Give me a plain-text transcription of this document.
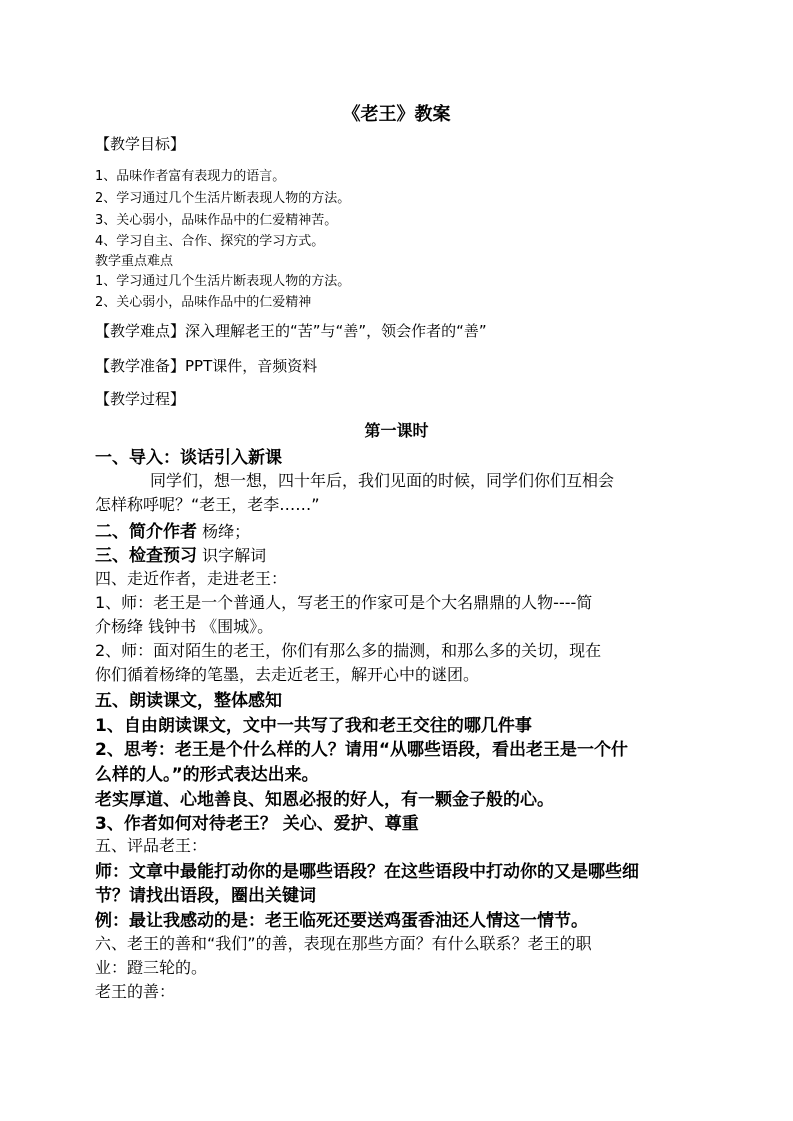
《老王》教案
【教学目标】
1、品味作者富有表现力的语言。
2、学习通过几个生活片断表现人物的方法。
3、关心弱小，品味作品中的仁爱精神苦。
4、学习自主、合作、探究的学习方式。
教学重点难点
1、学习通过几个生活片断表现人物的方法。
2、关心弱小，品味作品中的仁爱精神
【教学难点】深入理解老王的“苦”与“善”，领会作者的“善”
【教学准备】PPT课件，音频资料
【教学过程】
第一课时
一、导入：谈话引入新课
同学们，想一想，四十年后，我们见面的时候，同学们你们互相会
怎样称呼呢？“老王，老李……”
二、简介作者 杨绛；
三、检查预习 识字解词
四、走近作者，走进老王：
1、师：老王是一个普通人，写老王的作家可是个大名鼎鼎的人物----简
介杨绛 钱钟书 《围城》。
2、师：面对陌生的老王，你们有那么多的揣测，和那么多的关切，现在
你们循着杨绛的笔墨，去走近老王，解开心中的谜团。
五、朗读课文，整体感知
1、自由朗读课文，文中一共写了我和老王交往的哪几件事
2、思考：老王是个什么样的人？请用“从哪些语段，看出老王是一个什
么样的人。”的形式表达出来。
老实厚道、心地善良、知恩必报的好人，有一颗金子般的心。
3、作者如何对待老王？ 关心、爱护、尊重
五、评品老王：
师：文章中最能打动你的是哪些语段？在这些语段中打动你的又是哪些细
节？请找出语段，圈出关键词
例：最让我感动的是：老王临死还要送鸡蛋香油还人情这一情节。
六、老王的善和“我们”的善，表现在那些方面？有什么联系？老王的职
业：蹬三轮的。
老王的善：
